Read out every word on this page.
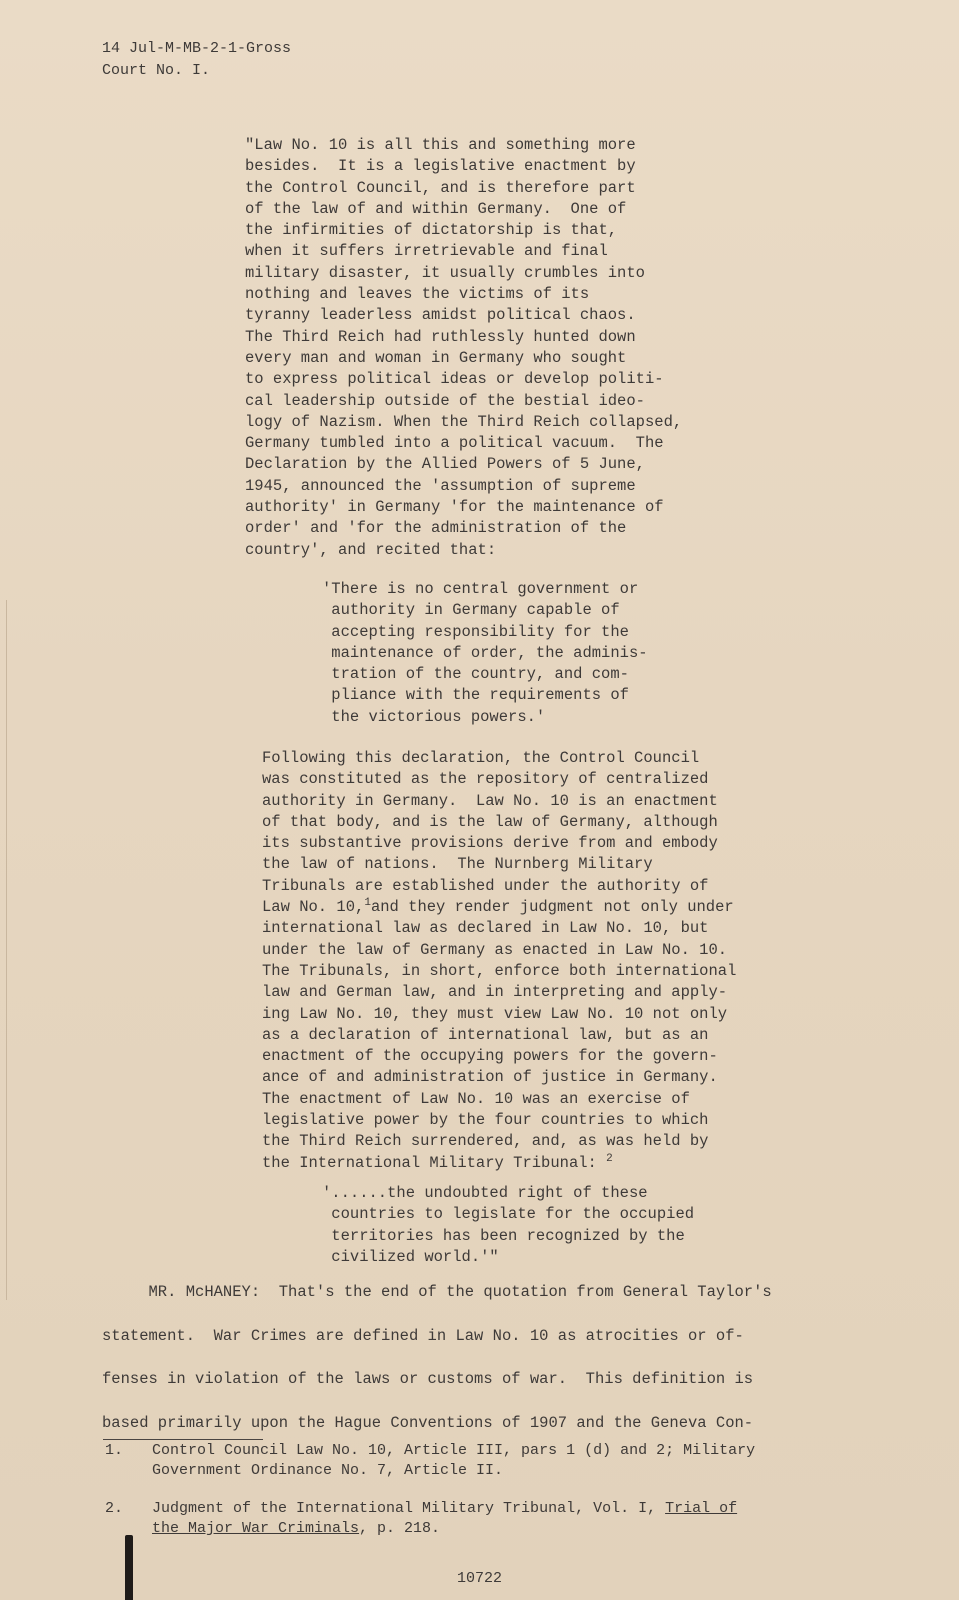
14 Jul-M-MB-2-1-Gross
Court No. I.
"Law No. 10 is all this and something more
besides.  It is a legislative enactment by
the Control Council, and is therefore part
of the law of and within Germany.  One of
the infirmities of dictatorship is that,
when it suffers irretrievable and final
military disaster, it usually crumbles into
nothing and leaves the victims of its
tyranny leaderless amidst political chaos.
The Third Reich had ruthlessly hunted down
every man and woman in Germany who sought
to express political ideas or develop politi-
cal leadership outside of the bestial ideo-
logy of Nazism. When the Third Reich collapsed,
Germany tumbled into a political vacuum.  The
Declaration by the Allied Powers of 5 June,
1945, announced the 'assumption of supreme
authority' in Germany 'for the maintenance of
order' and 'for the administration of the
country', and recited that:
'There is no central government or
authority in Germany capable of
accepting responsibility for the
maintenance of order, the adminis-
tration of the country, and com-
pliance with the requirements of
the victorious powers.'
Following this declaration, the Control Council
was constituted as the repository of centralized
authority in Germany.  Law No. 10 is an enactment
of that body, and is the law of Germany, although
its substantive provisions derive from and embody
the law of nations.  The Nurnberg Military
Tribunals are established under the authority of
Law No. 10,$^1$and they render judgment not only under
international law as declared in Law No. 10, but
under the law of Germany as enacted in Law No. 10.
The Tribunals, in short, enforce both international
law and German law, and in interpreting and apply-
ing Law No. 10, they must view Law No. 10 not only
as a declaration of international law, but as an
enactment of the occupying powers for the govern-
ance of and administration of justice in Germany.
The enactment of Law No. 10 was an exercise of
legislative power by the four countries to which
the Third Reich surrendered, and, as was held by
the International Military Tribunal: $^2$
'......the undoubted right of these
countries to legislate for the occupied
territories has been recognized by the
civilized world.'"
MR. McHANEY:  That's the end of the quotation from General Taylor's
statement.  War Crimes are defined in Law No. 10 as atrocities or of-
fenses in violation of the laws or customs of war.  This definition is
based primarily upon the Hague Conventions of 1907 and the Geneva Con-
1.	Control Council Law No. 10, Article III, pars 1 (d) and 2; Military
Government Ordinance No. 7, Article II.
2.	Judgment of the International Military Tribunal, Vol. I, Trial of
the Major War Criminals, p. 218.
10722
